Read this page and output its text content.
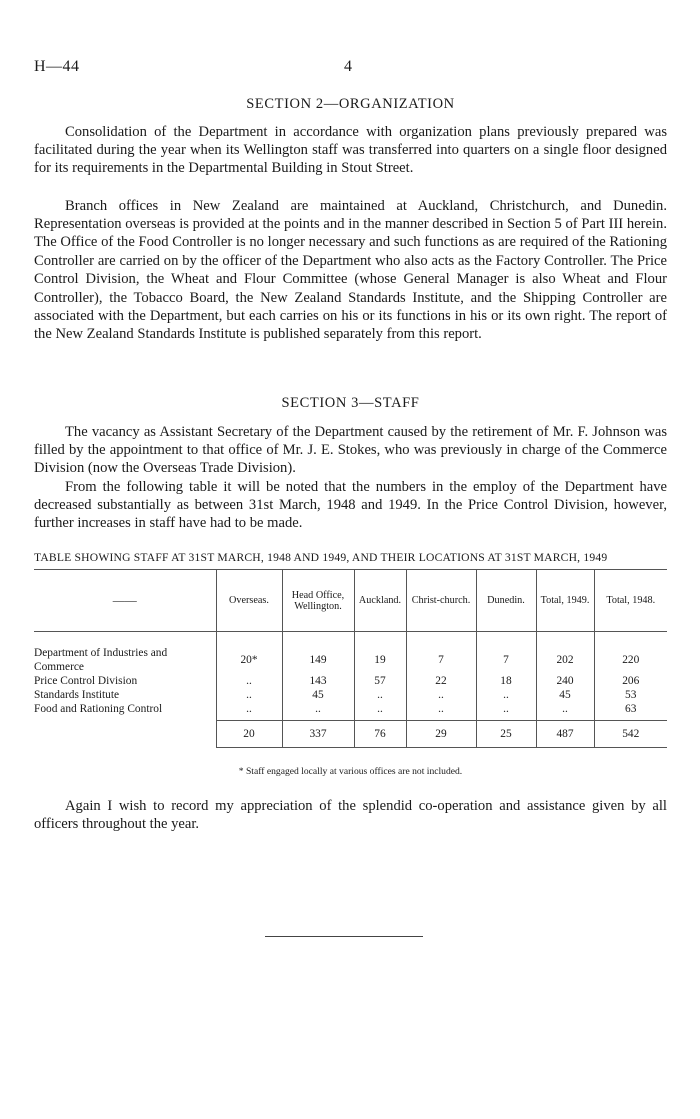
H—44	4
SECTION 2—ORGANIZATION

Consolidation of the Department in accordance with organization plans previously prepared was facilitated during the year when its Wellington staff was transferred into quarters on a single floor designed for its requirements in the Departmental Building in Stout Street.

Branch offices in New Zealand are maintained at Auckland, Christchurch, and Dunedin. Representation overseas is provided at the points and in the manner described in Section 5 of Part III herein. The Office of the Food Controller is no longer necessary and such functions as are required of the Rationing Controller are carried on by the officer of the Department who also acts as the Factory Controller. The Price Control Division, the Wheat and Flour Committee (whose General Manager is also Wheat and Flour Controller), the Tobacco Board, the New Zealand Standards Institute, and the Shipping Controller are associated with the Department, but each carries on his or its functions in his or its own right. The report of the New Zealand Standards Institute is published separately from this report.

SECTION 3—STAFF

The vacancy as Assistant Secretary of the Department caused by the retirement of Mr. F. Johnson was filled by the appointment to that office of Mr. J. E. Stokes, who was previously in charge of the Commerce Division (now the Overseas Trade Division).

From the following table it will be noted that the numbers in the employ of the Department have decreased substantially as between 31st March, 1948 and 1949. In the Price Control Division, however, further increases in staff have had to be made.

TABLE SHOWING STAFF AT 31ST MARCH, 1948 AND 1949, AND THEIR LOCATIONS AT 31ST MARCH, 1949
——	Overseas.	Head Office, Wellington.	Auckland.	Christ-church.	Dunedin.	Total, 1949.	Total, 1948.

Department of Industries and Commerce	20*	149	19	7	7	202	220
Price Control Division	..	143	57	22	18	240	206
Standards Institute	..	45	..	..	..	45	53
Food and Rationing Control	..	..	..	..	..	..	63
	20	337	76	29	25	487	542
* Staff engaged locally at various offices are not included.

Again I wish to record my appreciation of the splendid co-operation and assistance given by all officers throughout the year.
